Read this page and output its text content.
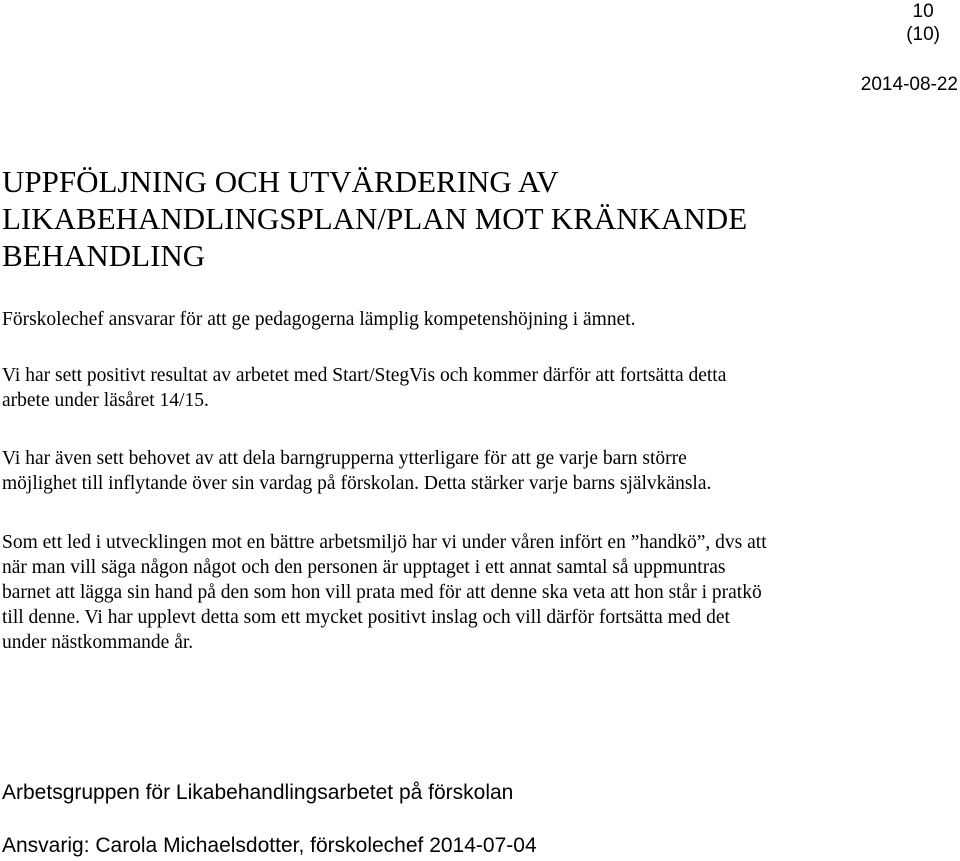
10
(10)
2014-08-22
UPPFÖLJNING OCH UTVÄRDERING AV
LIKABEHANDLINGSPLAN/PLAN MOT KRÄNKANDE
BEHANDLING
Förskolechef ansvarar för att ge pedagogerna lämplig kompetenshöjning i ämnet.
Vi har sett positivt resultat av arbetet med Start/StegVis och kommer därför att fortsätta detta
arbete under läsåret 14/15.
Vi har även sett behovet av att dela barngrupperna ytterligare för att ge varje barn större
möjlighet till inflytande över sin vardag på förskolan. Detta stärker varje barns självkänsla.
Som ett led i utvecklingen mot en bättre arbetsmiljö har vi under våren infört en ”handkö”, dvs att
när man vill säga någon något och den personen är upptaget i ett annat samtal så uppmuntras
barnet att lägga sin hand på den som hon vill prata med för att denne ska veta att hon står i pratkö
till denne. Vi har upplevt detta som ett mycket positivt inslag och vill därför fortsätta med det
under nästkommande år.
Arbetsgruppen för Likabehandlingsarbetet på förskolan
Ansvarig: Carola Michaelsdotter, förskolechef 2014-07-04
